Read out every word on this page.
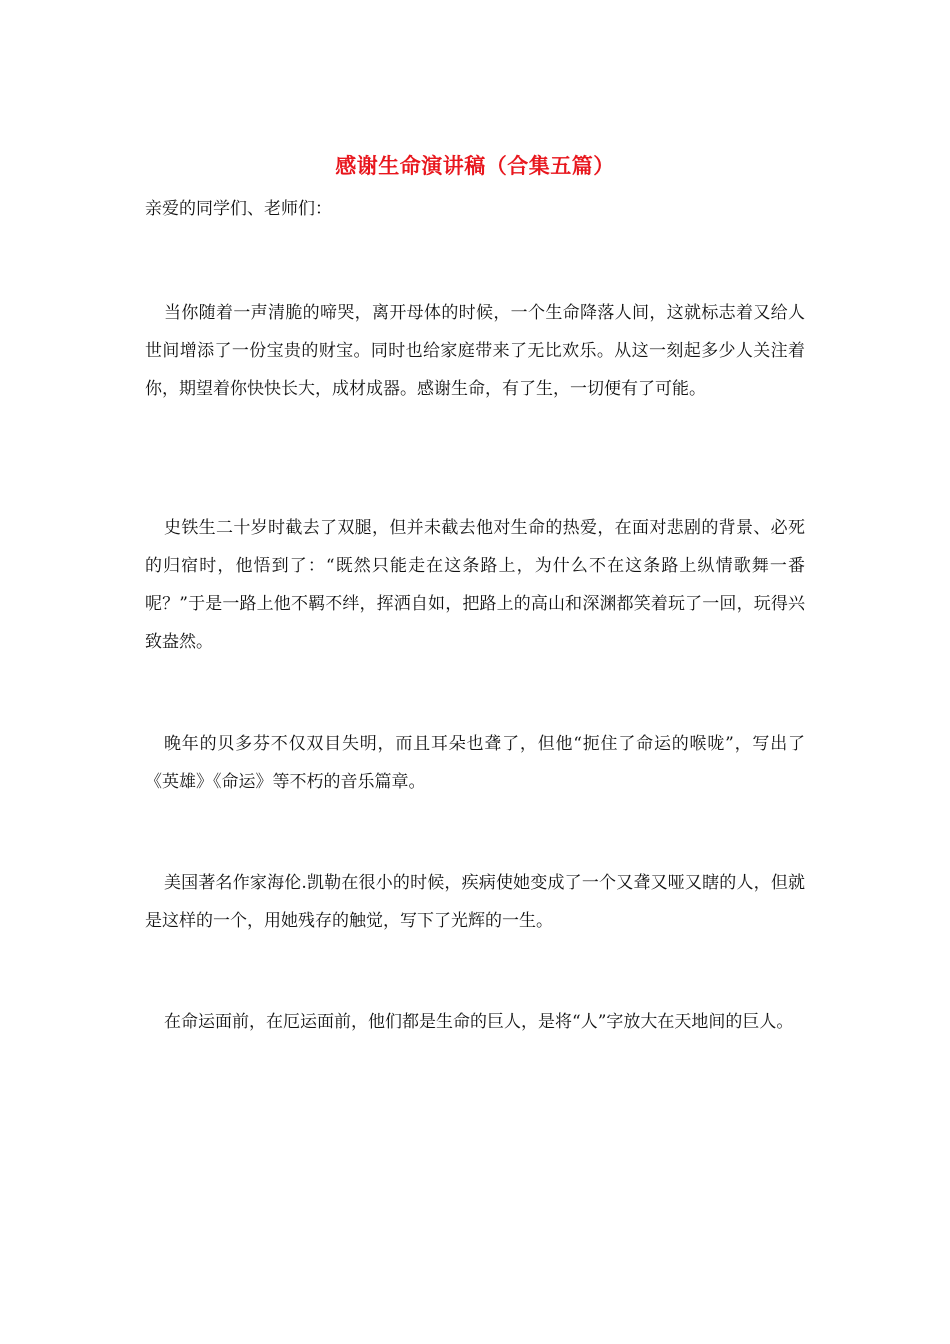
感谢生命演讲稿（合集五篇）
亲爱的同学们、老师们：

当你随着一声清脆的啼哭，离开母体的时候，一个生命降落人间，这就标志着又给人世间增添了一份宝贵的财宝。同时也给家庭带来了无比欢乐。从这一刻起多少人关注着你，期望着你快快长大，成材成器。感谢生命，有了生，一切便有了可能。

史铁生二十岁时截去了双腿，但并未截去他对生命的热爱，在面对悲剧的背景、必死的归宿时，他悟到了：“既然只能走在这条路上，为什么不在这条路上纵情歌舞一番呢？”于是一路上他不羁不绊，挥洒自如，把路上的高山和深渊都笑着玩了一回，玩得兴致盎然。

晚年的贝多芬不仅双目失明，而且耳朵也聋了，但他“扼住了命运的喉咙”，写出了《英雄》《命运》等不朽的音乐篇章。

美国著名作家海伦.凯勒在很小的时候，疾病使她变成了一个又聋又哑又瞎的人，但就是这样的一个，用她残存的触觉，写下了光辉的一生。

在命运面前，在厄运面前，他们都是生命的巨人，是将“人”字放大在天地间的巨人。
